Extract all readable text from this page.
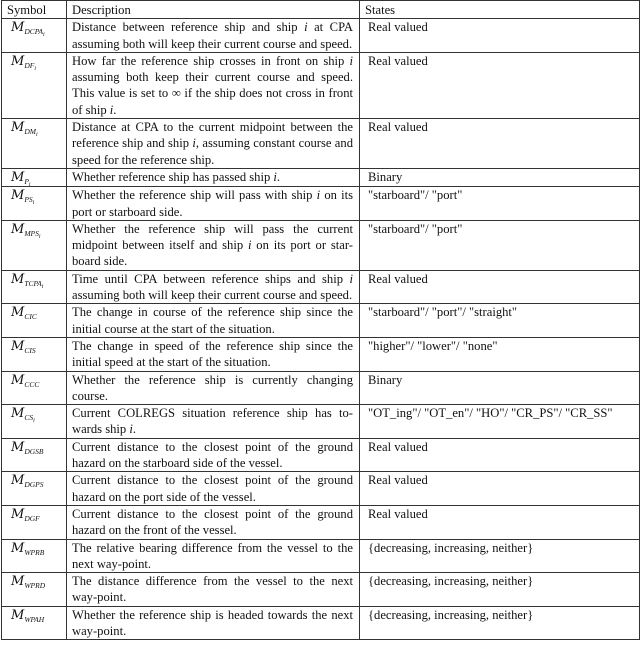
Symbol	Description	States
$M_{DCPA_i}$	Distance between reference ship and ship i at CPA assuming both will keep their current course and speed.	Real valued
$M_{DF_i}$	How far the reference ship crosses in front on ship i assuming both keep their current course and speed. This value is set to ∞ if the ship does not cross in front of ship i.	Real valued
$M_{DM_i}$	Distance at CPA to the current midpoint between the reference ship and ship i, assuming constant course and speed for the reference ship.	Real valued
$M_{P_i}$	Whether reference ship has passed ship i.	Binary
$M_{PS_i}$	Whether the reference ship will pass with ship i on its port or starboard side.	"starboard"/ "port"
$M_{MPS_i}$	Whether the reference ship will pass the current midpoint between itself and ship i on its port or star-board side.	"starboard"/ "port"
$M_{TCPA_i}$	Time until CPA between reference ships and ship i assuming both will keep their current course and speed.	Real valued
$M_{CIC}$	The change in course of the reference ship since the initial course at the start of the situation.	"starboard"/ "port"/ "straight"
$M_{CIS}$	The change in speed of the reference ship since the initial speed at the start of the situation.	"higher"/ "lower"/ "none"
$M_{CCC}$	Whether the reference ship is currently changing course.	Binary
$M_{CS_i}$	Current COLREGS situation reference ship has to-wards ship i.	"OT_ing"/ "OT_en"/ "HO"/ "CR_PS"/ "CR_SS"
$M_{DGSB}$	Current distance to the closest point of the ground hazard on the starboard side of the vessel.	Real valued
$M_{DGPS}$	Current distance to the closest point of the ground hazard on the port side of the vessel.	Real valued
$M_{DGF}$	Current distance to the closest point of the ground hazard on the front of the vessel.	Real valued
$M_{WPRB}$	The relative bearing difference from the vessel to the next way-point.	{decreasing, increasing, neither}
$M_{WPRD}$	The distance difference from the vessel to the next way-point.	{decreasing, increasing, neither}
$M_{WPAH}$	Whether the reference ship is headed towards the next way-point.	{decreasing, increasing, neither}
